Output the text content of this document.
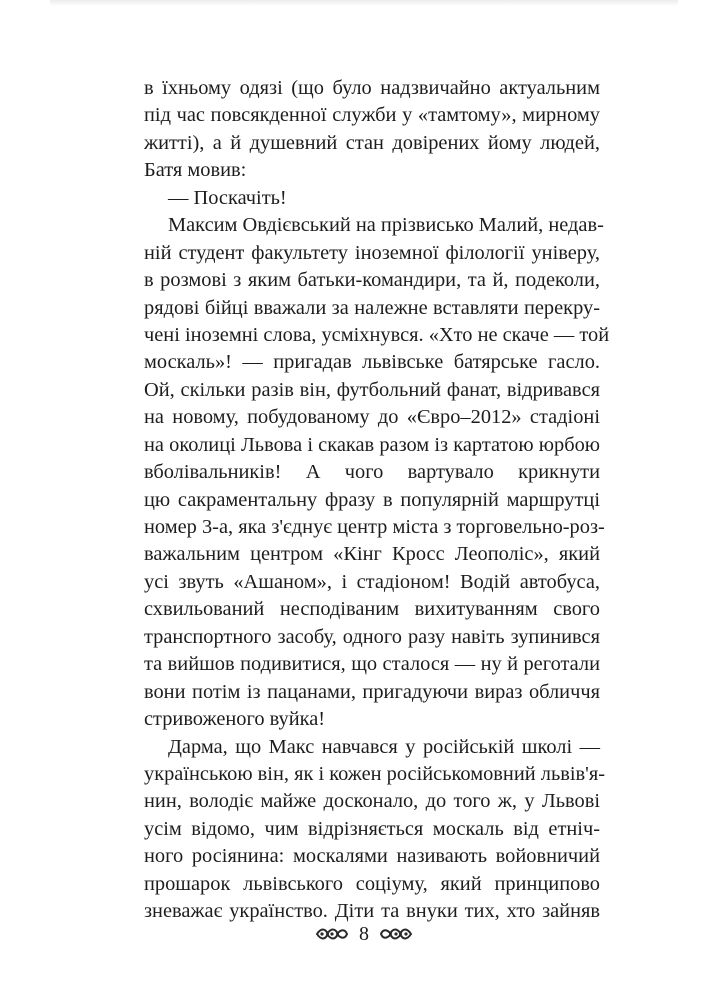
в їхньому одязі (що було надзвичайно актуальним
під час повсякденної служби у «тамтому», мирному
житті), а й душевний стан довірених йому людей,
Батя мовив:
— Поскачіть!
Максим Овдієвський на прізвисько Малий, недав-
ній студент факультету іноземної філології універу,
в розмові з яким батьки-командири, та й, подеколи,
рядові бійці вважали за належне вставляти перекру-
чені іноземні слова, усміхнувся. «Хто не скаче — той
москаль»! — пригадав львівське батярське гасло.
Ой, скільки разів він, футбольний фанат, відривався
на новому, побудованому до «Євро–2012» стадіоні
на околиці Львова і скакав разом із картатою юрбою
вболівальників! А чого вартувало крикнути
цю сакраментальну фразу в популярній маршрутці
номер 3-а, яка з'єднує центр міста з торговельно-роз-
важальним центром «Кінг Кросс Леополіс», який
усі звуть «Ашаном», і стадіоном! Водій автобуса,
схвильований несподіваним вихитуванням свого
транспортного засобу, одного разу навіть зупинився
та вийшов подивитися, що сталося — ну й реготали
вони потім із пацанами, пригадуючи вираз обличчя
стривоженого вуйка!
Дарма, що Макс навчався у російській школі —
українською він, як і кожен російськомовний львів'я-
нин, володіє майже досконало, до того ж, у Львові
усім відомо, чим відрізняється москаль від етніч-
ного росіянина: москалями називають войовничий
прошарок львівського соціуму, який принципово
зневажає українство. Діти та внуки тих, хто зайняв
8
